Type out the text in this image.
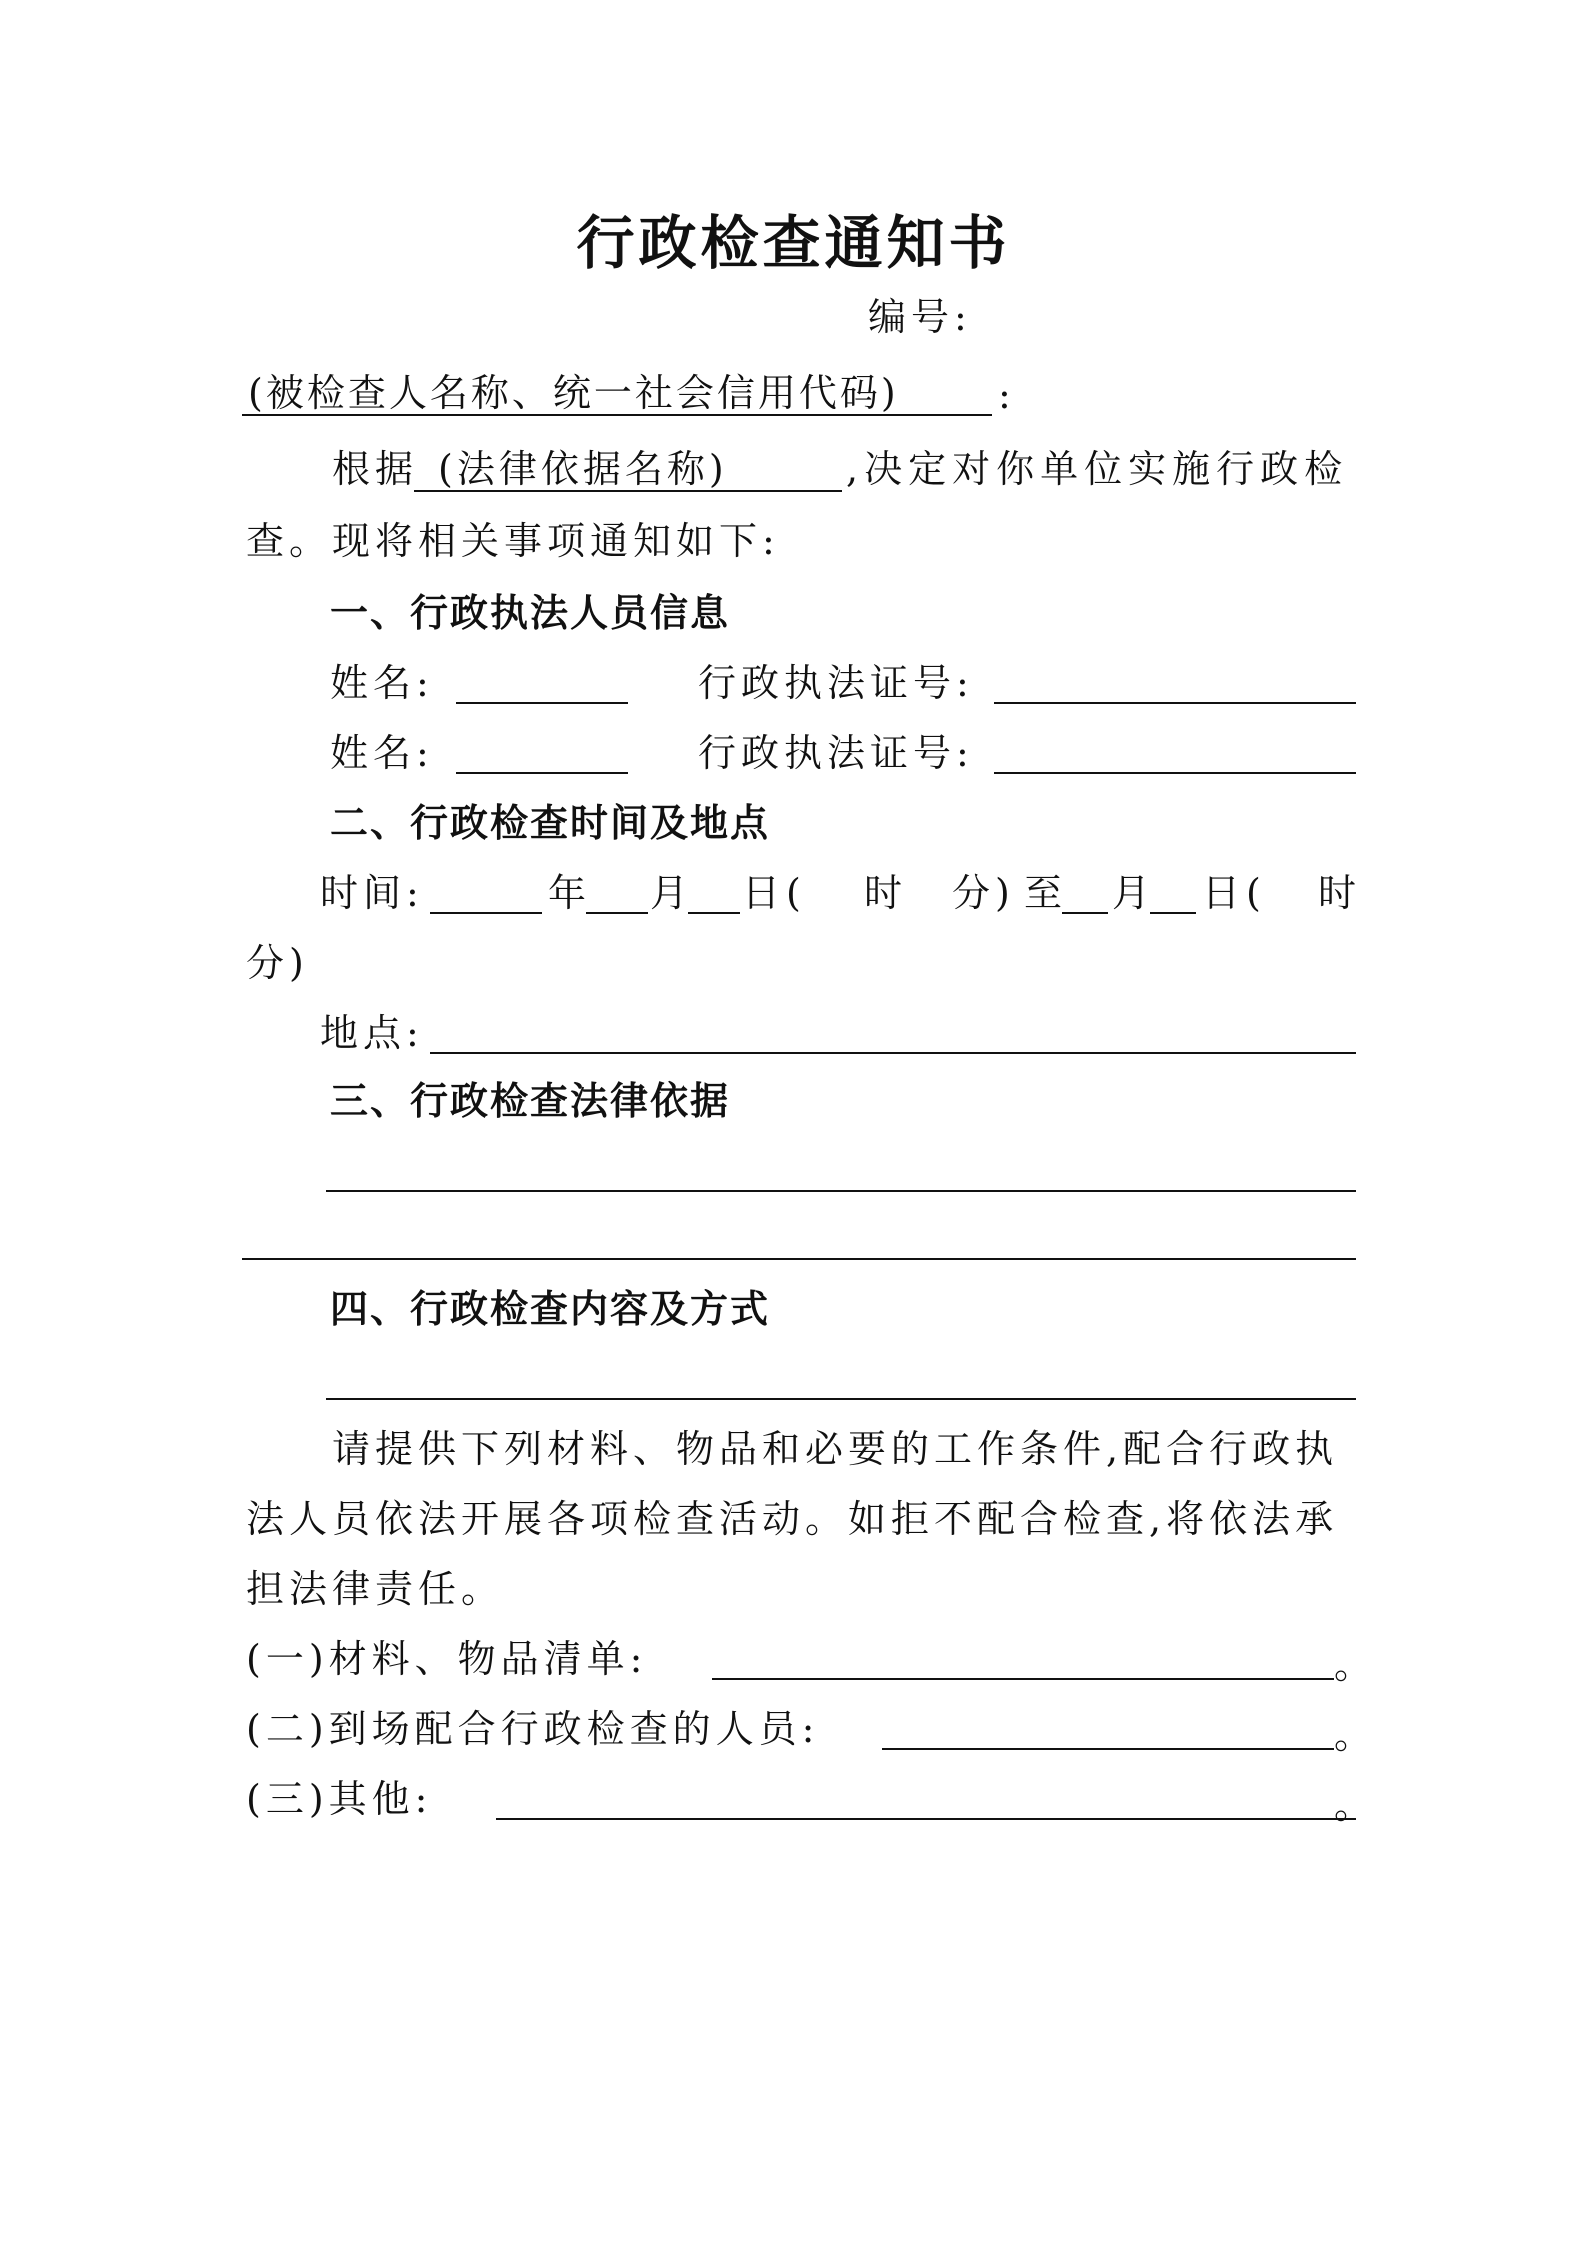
行政检查通知书
编号:
(被检查人名称、统一社会信用代码)	:
根据 (法律依据名称)	,决定对你单位实施行政检
查。现将相关事项通知如下:
一、行政执法人员信息
姓名:	行政执法证号:
姓名:	行政执法证号:
二、行政检查时间及地点
时间:	年 月 日 ( 时 分) 至 月 日 ( 时
分)
地点:
三、行政检查法律依据
四、行政检查内容及方式
请提供下列材料、物品和必要的工作条件,配合行政执
法人员依法开展各项检查活动。如拒不配合检查,将依法承
担法律责任。
(一)材料、物品清单:	。
(二)到场配合行政检查的人员:	。
(三)其他:	。
